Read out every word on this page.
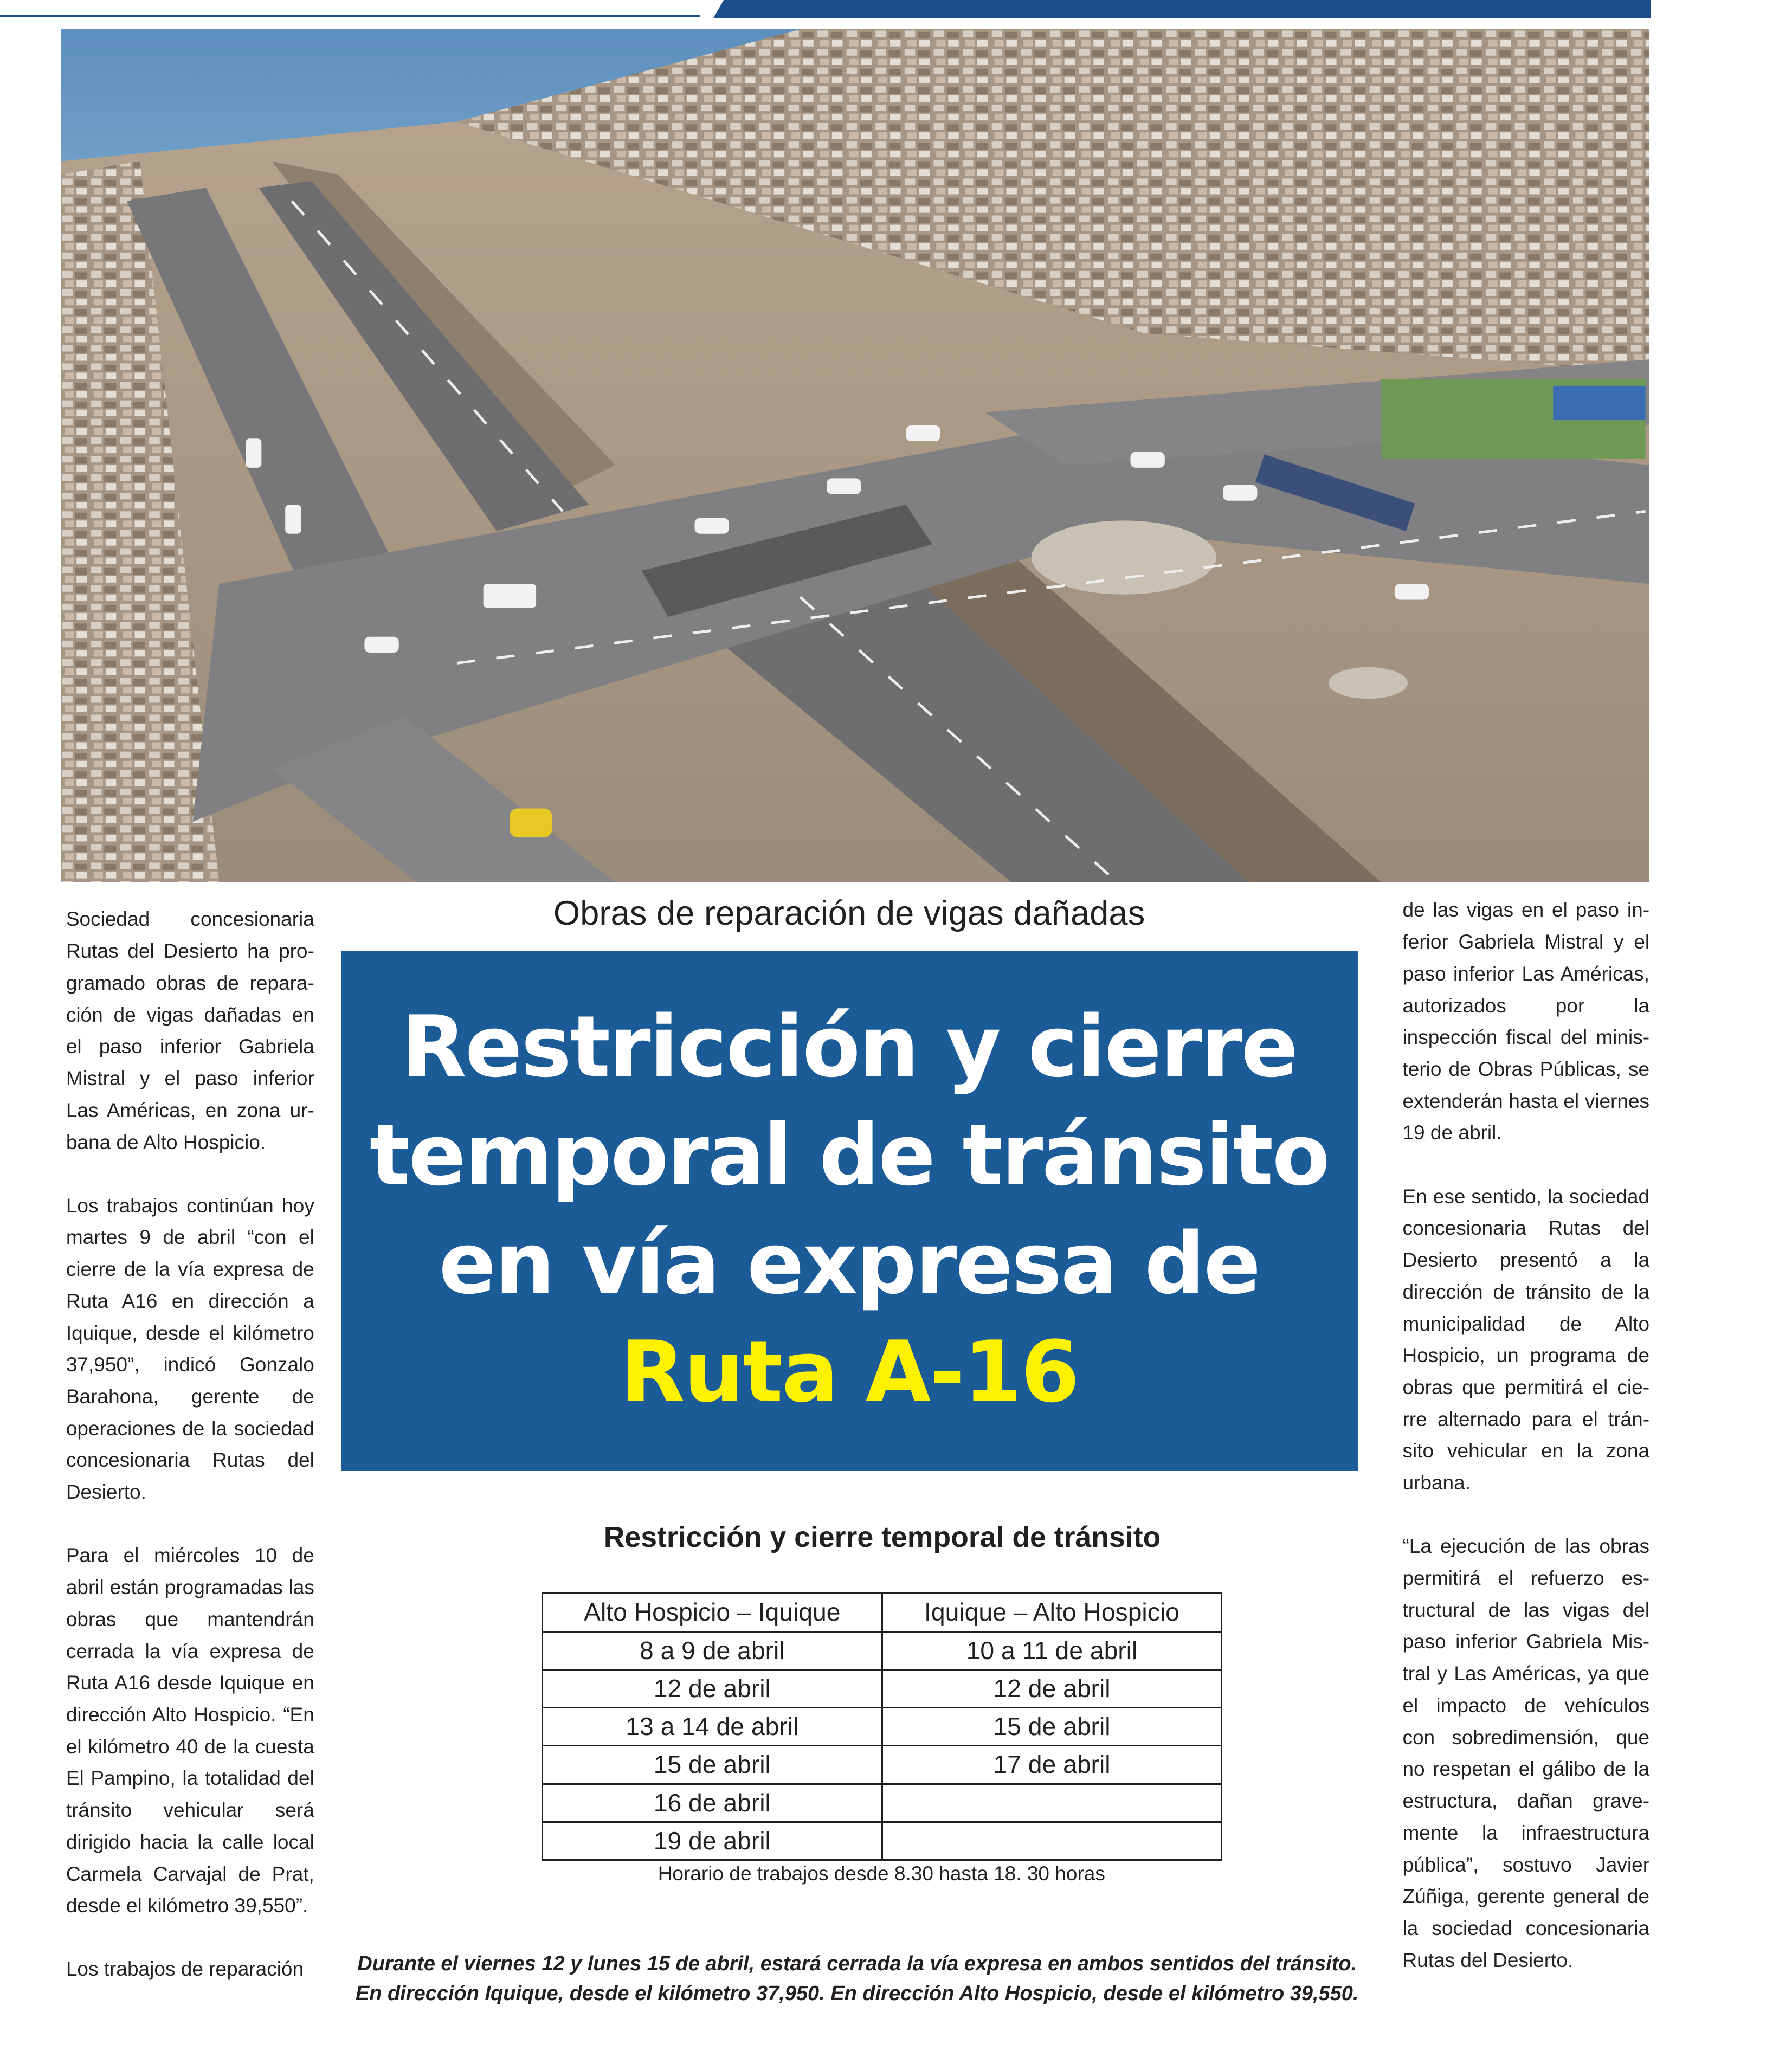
Sociedad concesionaria Rutas del Desierto ha programado obras de reparación de vigas dañadas en el paso inferior Gabriela Mistral y el paso inferior Las Américas, en zona urbana de Alto Hospicio.

Los trabajos continúan hoy martes 9 de abril “con el cierre de la vía expresa de Ruta A16 en dirección a Iquique, desde el kilómetro 37,950”, indicó Gonzalo Barahona, gerente de operaciones de la sociedad concesionaria Rutas del Desierto.

Para el miércoles 10 de abril están programadas las obras que mantendrán cerrada la vía expresa de Ruta A16 desde Iquique en dirección Alto Hospicio. “En el kilómetro 40 de la cuesta El Pampino, la totalidad del tránsito vehicular será dirigido hacia la calle local Carmela Carvajal de Prat, desde el kilómetro 39,550”.

Los trabajos de reparación

Obras de reparación de vigas dañadas
Restricción y cierre
temporal de tránsito
en vía expresa de
Ruta A-16
Restricción y cierre temporal de tránsito
Alto Hospicio – Iquique	Iquique – Alto Hospicio
8 a 9 de abril	10 a 11 de abril
12 de abril	12 de abril
13 a 14 de abril	15 de abril
15 de abril	17 de abril
16 de abril	
19 de abril	
Horario de trabajos desde 8.30 hasta 18. 30 horas
Durante el viernes 12 y lunes 15 de abril, estará cerrada la vía expresa en ambos sentidos del tránsito.
En dirección Iquique, desde el kilómetro 37,950. En dirección Alto Hospicio, desde el kilómetro 39,550.

de las vigas en el paso inferior Gabriela Mistral y el paso inferior Las Américas, autorizados por la inspección fiscal del ministerio de Obras Públicas, se extenderán hasta el viernes 19 de abril.

En ese sentido, la sociedad concesionaria Rutas del Desierto presentó a la dirección de tránsito de la municipalidad de Alto Hospicio, un programa de obras que permitirá el cierre alternado para el tránsito vehicular en la zona urbana.

“La ejecución de las obras permitirá el refuerzo estructural de las vigas del paso inferior Gabriela Mistral y Las Américas, ya que el impacto de vehículos con sobredimensión, que no respetan el gálibo de la estructura, dañan gravemente la infraestructura pública”, sostuvo Javier Zúñiga, gerente general de la sociedad concesionaria Rutas del Desierto.
